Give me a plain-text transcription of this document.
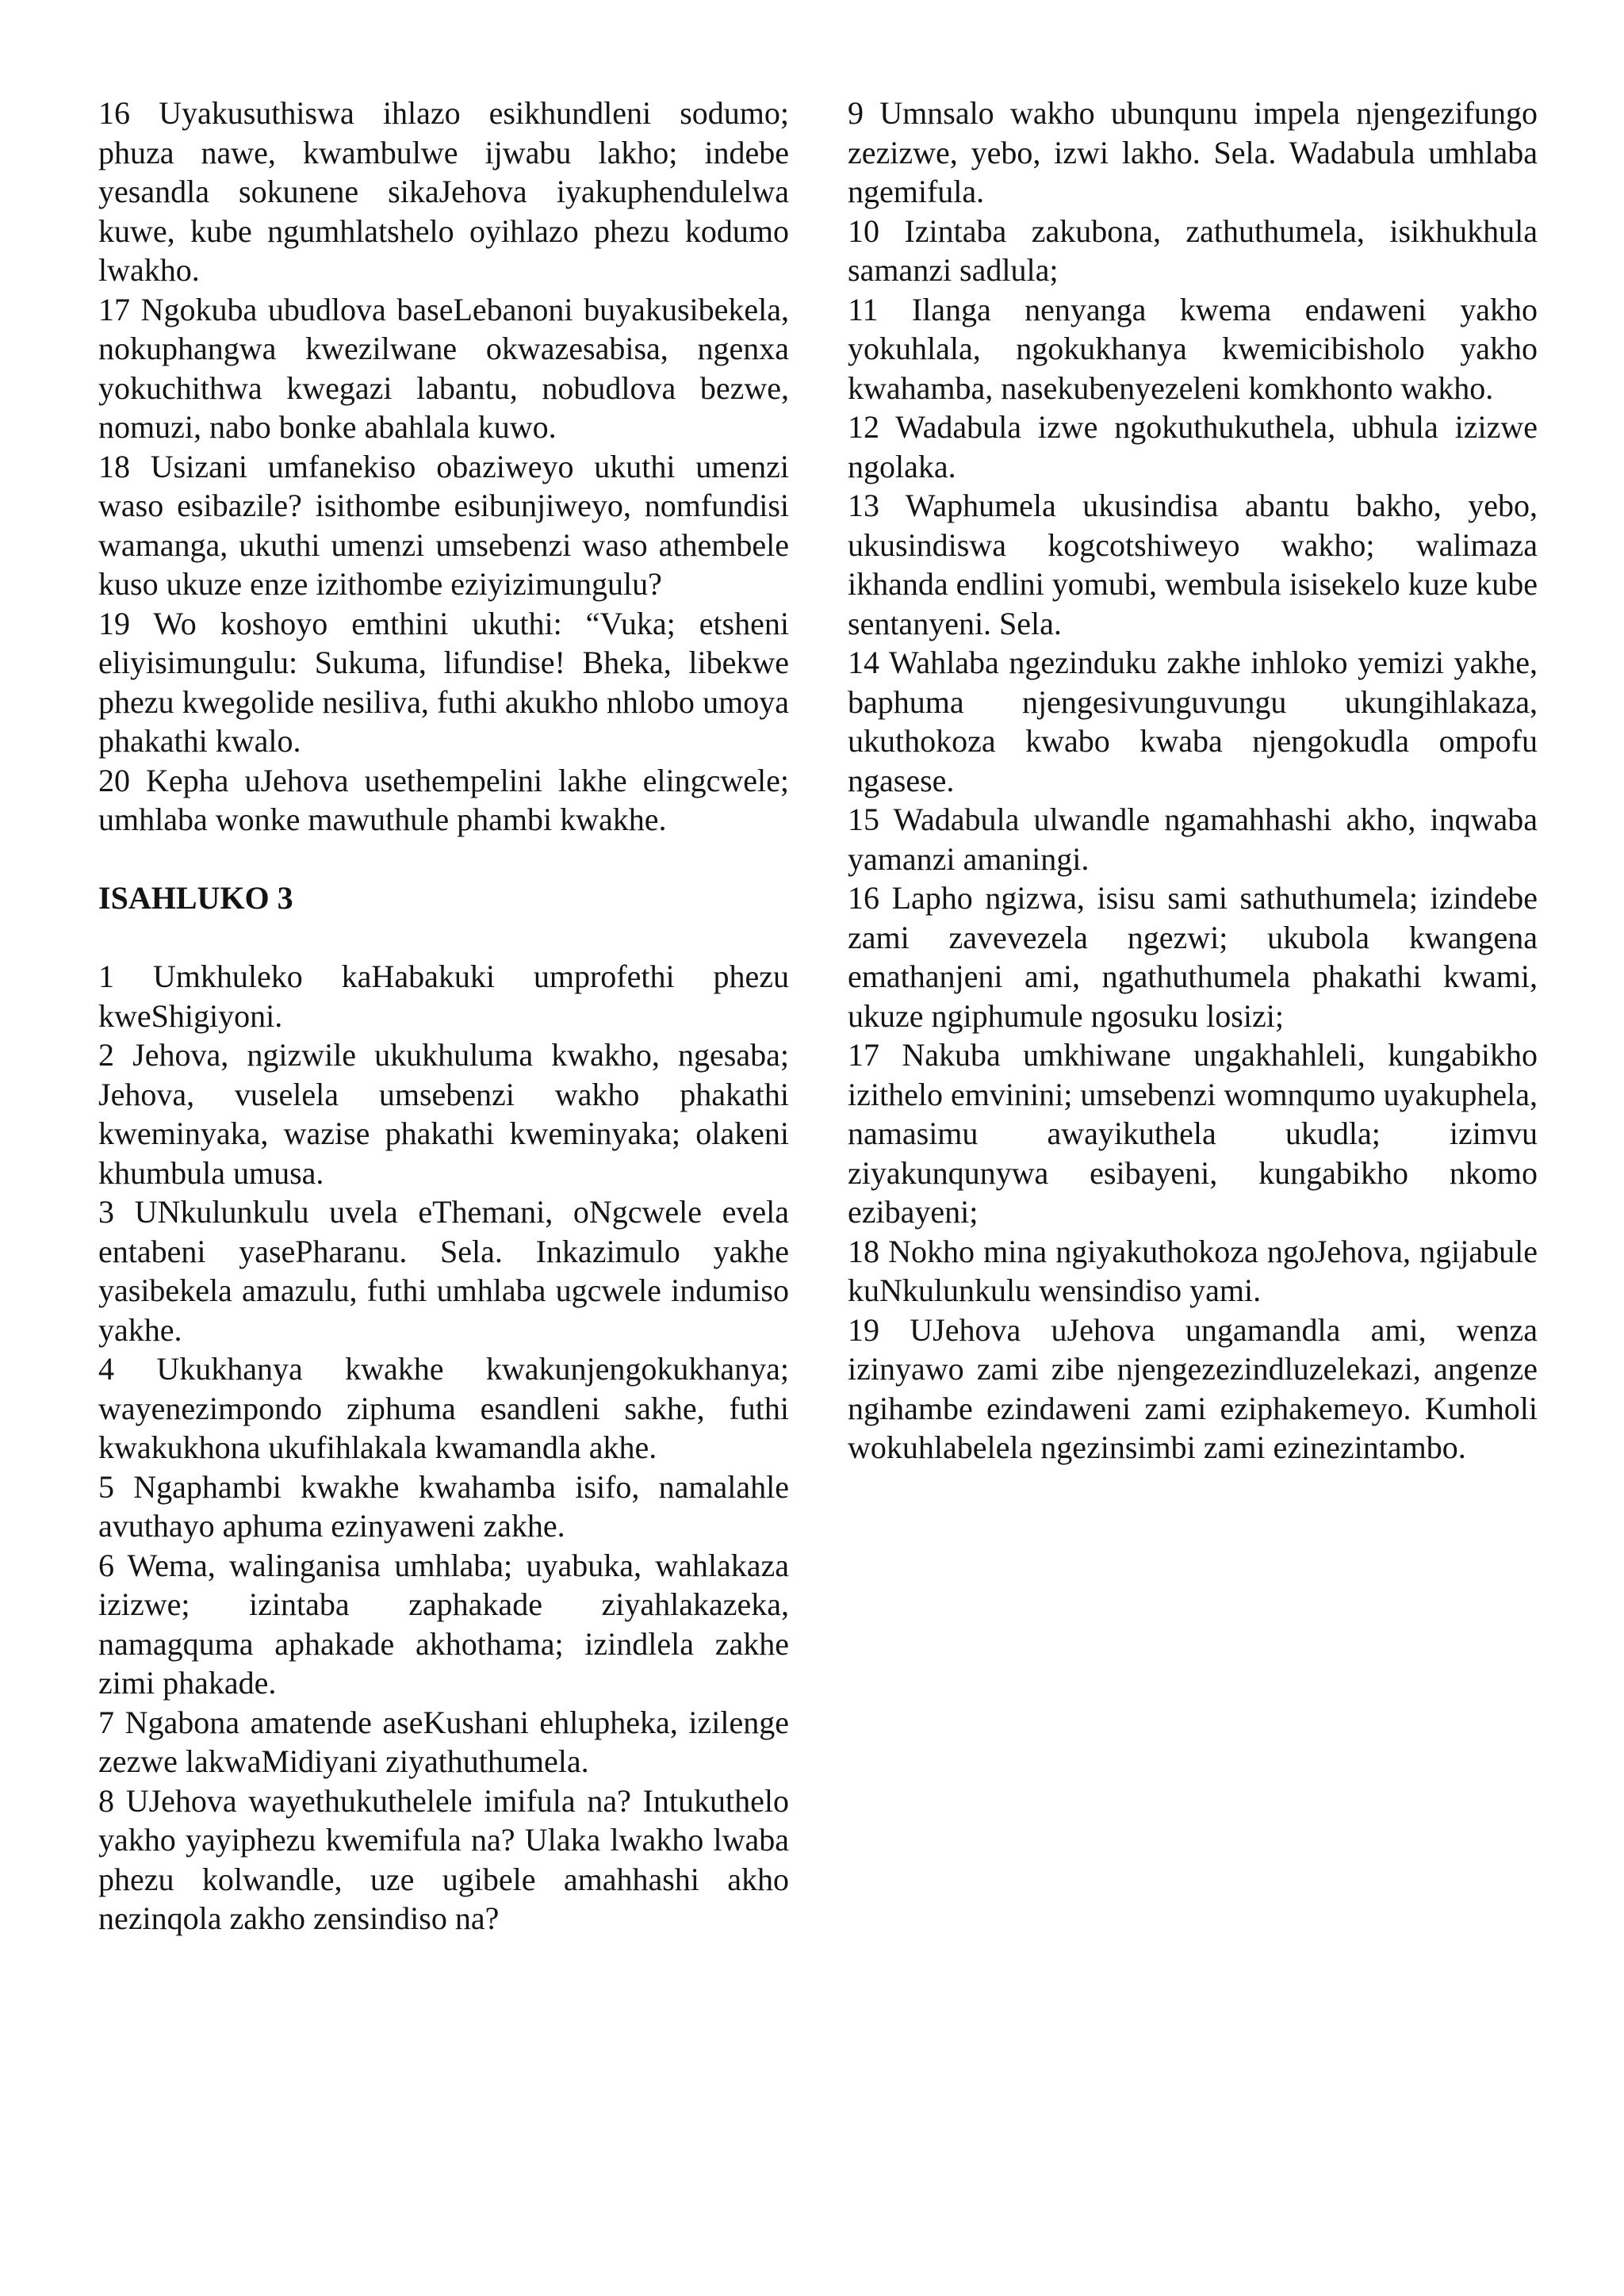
16 Uyakusuthiswa ihlazo esikhundleni sodumo; phuza nawe, kwambulwe ijwabu lakho; indebe yesandla sokunene sikaJehova iyakuphendulelwa kuwe, kube ngumhlatshelo oyihlazo phezu kodumo lwakho.

17 Ngokuba ubudlova baseLebanoni buyakusibekela, nokuphangwa kwezilwane okwazesabisa, ngenxa yokuchithwa kwegazi labantu, nobudlova bezwe, nomuzi, nabo bonke abahlala kuwo.

18 Usizani umfanekiso obaziweyo ukuthi umenzi waso esibazile? isithombe esibunjiweyo, nomfundisi wamanga, ukuthi umenzi umsebenzi waso athembele kuso ukuze enze izithombe eziyizimungulu?

19 Wo koshoyo emthini ukuthi: “Vuka; etsheni eliyisimungulu: Sukuma, lifundise! Bheka, libekwe phezu kwegolide nesiliva, futhi akukho nhlobo umoya phakathi kwalo.

20 Kepha uJehova usethempelini lakhe elingcwele; umhlaba wonke mawuthule phambi kwakhe.

ISAHLUKO 3

1 Umkhuleko kaHabakuki umprofethi phezu kweShigiyoni.

2 Jehova, ngizwile ukukhuluma kwakho, ngesaba; Jehova, vuselela umsebenzi wakho phakathi kweminyaka, wazise phakathi kweminyaka; olakeni khumbula umusa.

3 UNkulunkulu uvela eThemani, oNgcwele evela entabeni yasePharanu. Sela. Inkazimulo yakhe yasibekela amazulu, futhi umhlaba ugcwele indumiso yakhe.

4 Ukukhanya kwakhe kwakunjengokukhanya; wayenezimpondo ziphuma esandleni sakhe, futhi kwakukhona ukufihlakala kwamandla akhe.

5 Ngaphambi kwakhe kwahamba isifo, namalahle avuthayo aphuma ezinyaweni zakhe.

6 Wema, walinganisa umhlaba; uyabuka, wahlakaza izizwe; izintaba zaphakade ziyahlakazeka, namagquma aphakade akhothama; izindlela zakhe zimi phakade.

7 Ngabona amatende aseKushani ehlupheka, izilenge zezwe lakwaMidiyani ziyathuthumela.

8 UJehova wayethukuthelele imifula na? Intukuthelo yakho yayiphezu kwemifula na? Ulaka lwakho lwaba phezu kolwandle, uze ugibele amahhashi akho nezinqola zakho zensindiso na?

9 Umnsalo wakho ubunqunu impela njengezifungo zezizwe, yebo, izwi lakho. Sela. Wadabula umhlaba ngemifula.

10 Izintaba zakubona, zathuthumela, isikhukhula samanzi sadlula;

11 Ilanga nenyanga kwema endaweni yakho yokuhlala, ngokukhanya kwemicibisholo yakho kwahamba, nasekubenyezeleni komkhonto wakho.

12 Wadabula izwe ngokuthukuthela, ubhula izizwe ngolaka.

13 Waphumela ukusindisa abantu bakho, yebo, ukusindiswa kogcotshiweyo wakho; walimaza ikhanda endlini yomubi, wembula isisekelo kuze kube sentanyeni. Sela.

14 Wahlaba ngezinduku zakhe inhloko yemizi yakhe, baphuma njengesivunguvungu ukungihlakaza, ukuthokoza kwabo kwaba njengokudla ompofu ngasese.

15 Wadabula ulwandle ngamahhashi akho, inqwaba yamanzi amaningi.

16 Lapho ngizwa, isisu sami sathuthumela; izindebe zami zavevezela ngezwi; ukubola kwangena emathanjeni ami, ngathuthumela phakathi kwami, ukuze ngiphumule ngosuku losizi;

17 Nakuba umkhiwane ungakhahleli, kungabikho izithelo emvinini; umsebenzi womnqumo uyakuphela, namasimu awayikuthela ukudla; izimvu ziyakunqunywa esibayeni, kungabikho nkomo ezibayeni;

18 Nokho mina ngiyakuthokoza ngoJehova, ngijabule kuNkulunkulu wensindiso yami.

19 UJehova uJehova ungamandla ami, wenza izinyawo zami zibe njengezezindluzelekazi, angenze ngihambe ezindaweni zami eziphakemeyo. Kumholi wokuhlabelela ngezinsimbi zami ezinezintambo.
